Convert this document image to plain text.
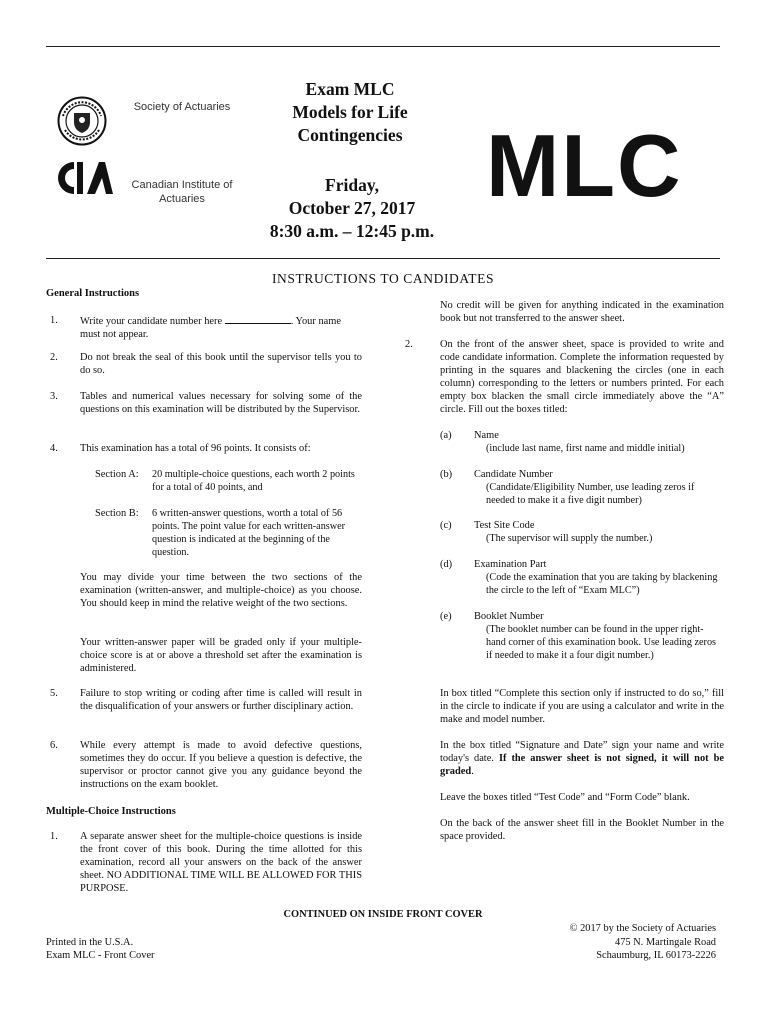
Society of Actuaries
Canadian Institute of Actuaries
Exam MLC
Models for Life
Contingencies
Friday,
October 27, 2017
8:30 a.m. – 12:45 p.m.
MLC
INSTRUCTIONS TO CANDIDATES
General Instructions
1. Write your candidate number here	. Your name
must not appear.
2. Do not break the seal of this book until the supervisor tells you to do so.
3. Tables and numerical values necessary for solving some of the questions on this examination will be distributed by the Supervisor.
4. This examination has a total of 96 points. It consists of:
Section A: 20 multiple-choice questions, each worth 2 points for a total of 40 points, and
Section B: 6 written-answer questions, worth a total of 56 points. The point value for each written-answer question is indicated at the beginning of the question.
You may divide your time between the two sections of the examination (written-answer, and multiple-choice) as you choose. You should keep in mind the relative weight of the two sections.
Your written-answer paper will be graded only if your multiple-choice score is at or above a threshold set after the examination is administered.
5. Failure to stop writing or coding after time is called will result in the disqualification of your answers or further disciplinary action.
6. While every attempt is made to avoid defective questions, sometimes they do occur. If you believe a question is defective, the supervisor or proctor cannot give you any guidance beyond the instructions on the exam booklet.
Multiple-Choice Instructions
1. A separate answer sheet for the multiple-choice questions is inside the front cover of this book. During the time allotted for this examination, record all your answers on the back of the answer sheet. NO ADDITIONAL TIME WILL BE ALLOWED FOR THIS PURPOSE.
No credit will be given for anything indicated in the examination book but not transferred to the answer sheet.
2.	On the front of the answer sheet, space is provided to write and code candidate information. Complete the information requested by printing in the squares and blackening the circles (one in each column) corresponding to the letters or numbers printed. For each empty box blacken the small circle immediately above the “A” circle. Fill out the boxes titled:
(a) Name
(include last name, first name and middle initial)
(b) Candidate Number
(Candidate/Eligibility Number, use leading zeros if needed to make it a five digit number)
(c) Test Site Code
(The supervisor will supply the number.)
(d) Examination Part
(Code the examination that you are taking by blackening the circle to the left of “Exam MLC”)
(e) Booklet Number
(The booklet number can be found in the upper right-hand corner of this examination book. Use leading zeros if needed to make it a four digit number.)
In box titled “Complete this section only if instructed to do so,” fill in the circle to indicate if you are using a calculator and write in the make and model number.
In the box titled “Signature and Date” sign your name and write today's date. If the answer sheet is not signed, it will not be graded.
Leave the boxes titled “Test Code” and “Form Code” blank.
On the back of the answer sheet fill in the Booklet Number in the space provided.
CONTINUED ON INSIDE FRONT COVER
Printed in the U.S.A.
Exam MLC - Front Cover
© 2017 by the Society of Actuaries
475 N. Martingale Road
Schaumburg, IL 60173-2226
